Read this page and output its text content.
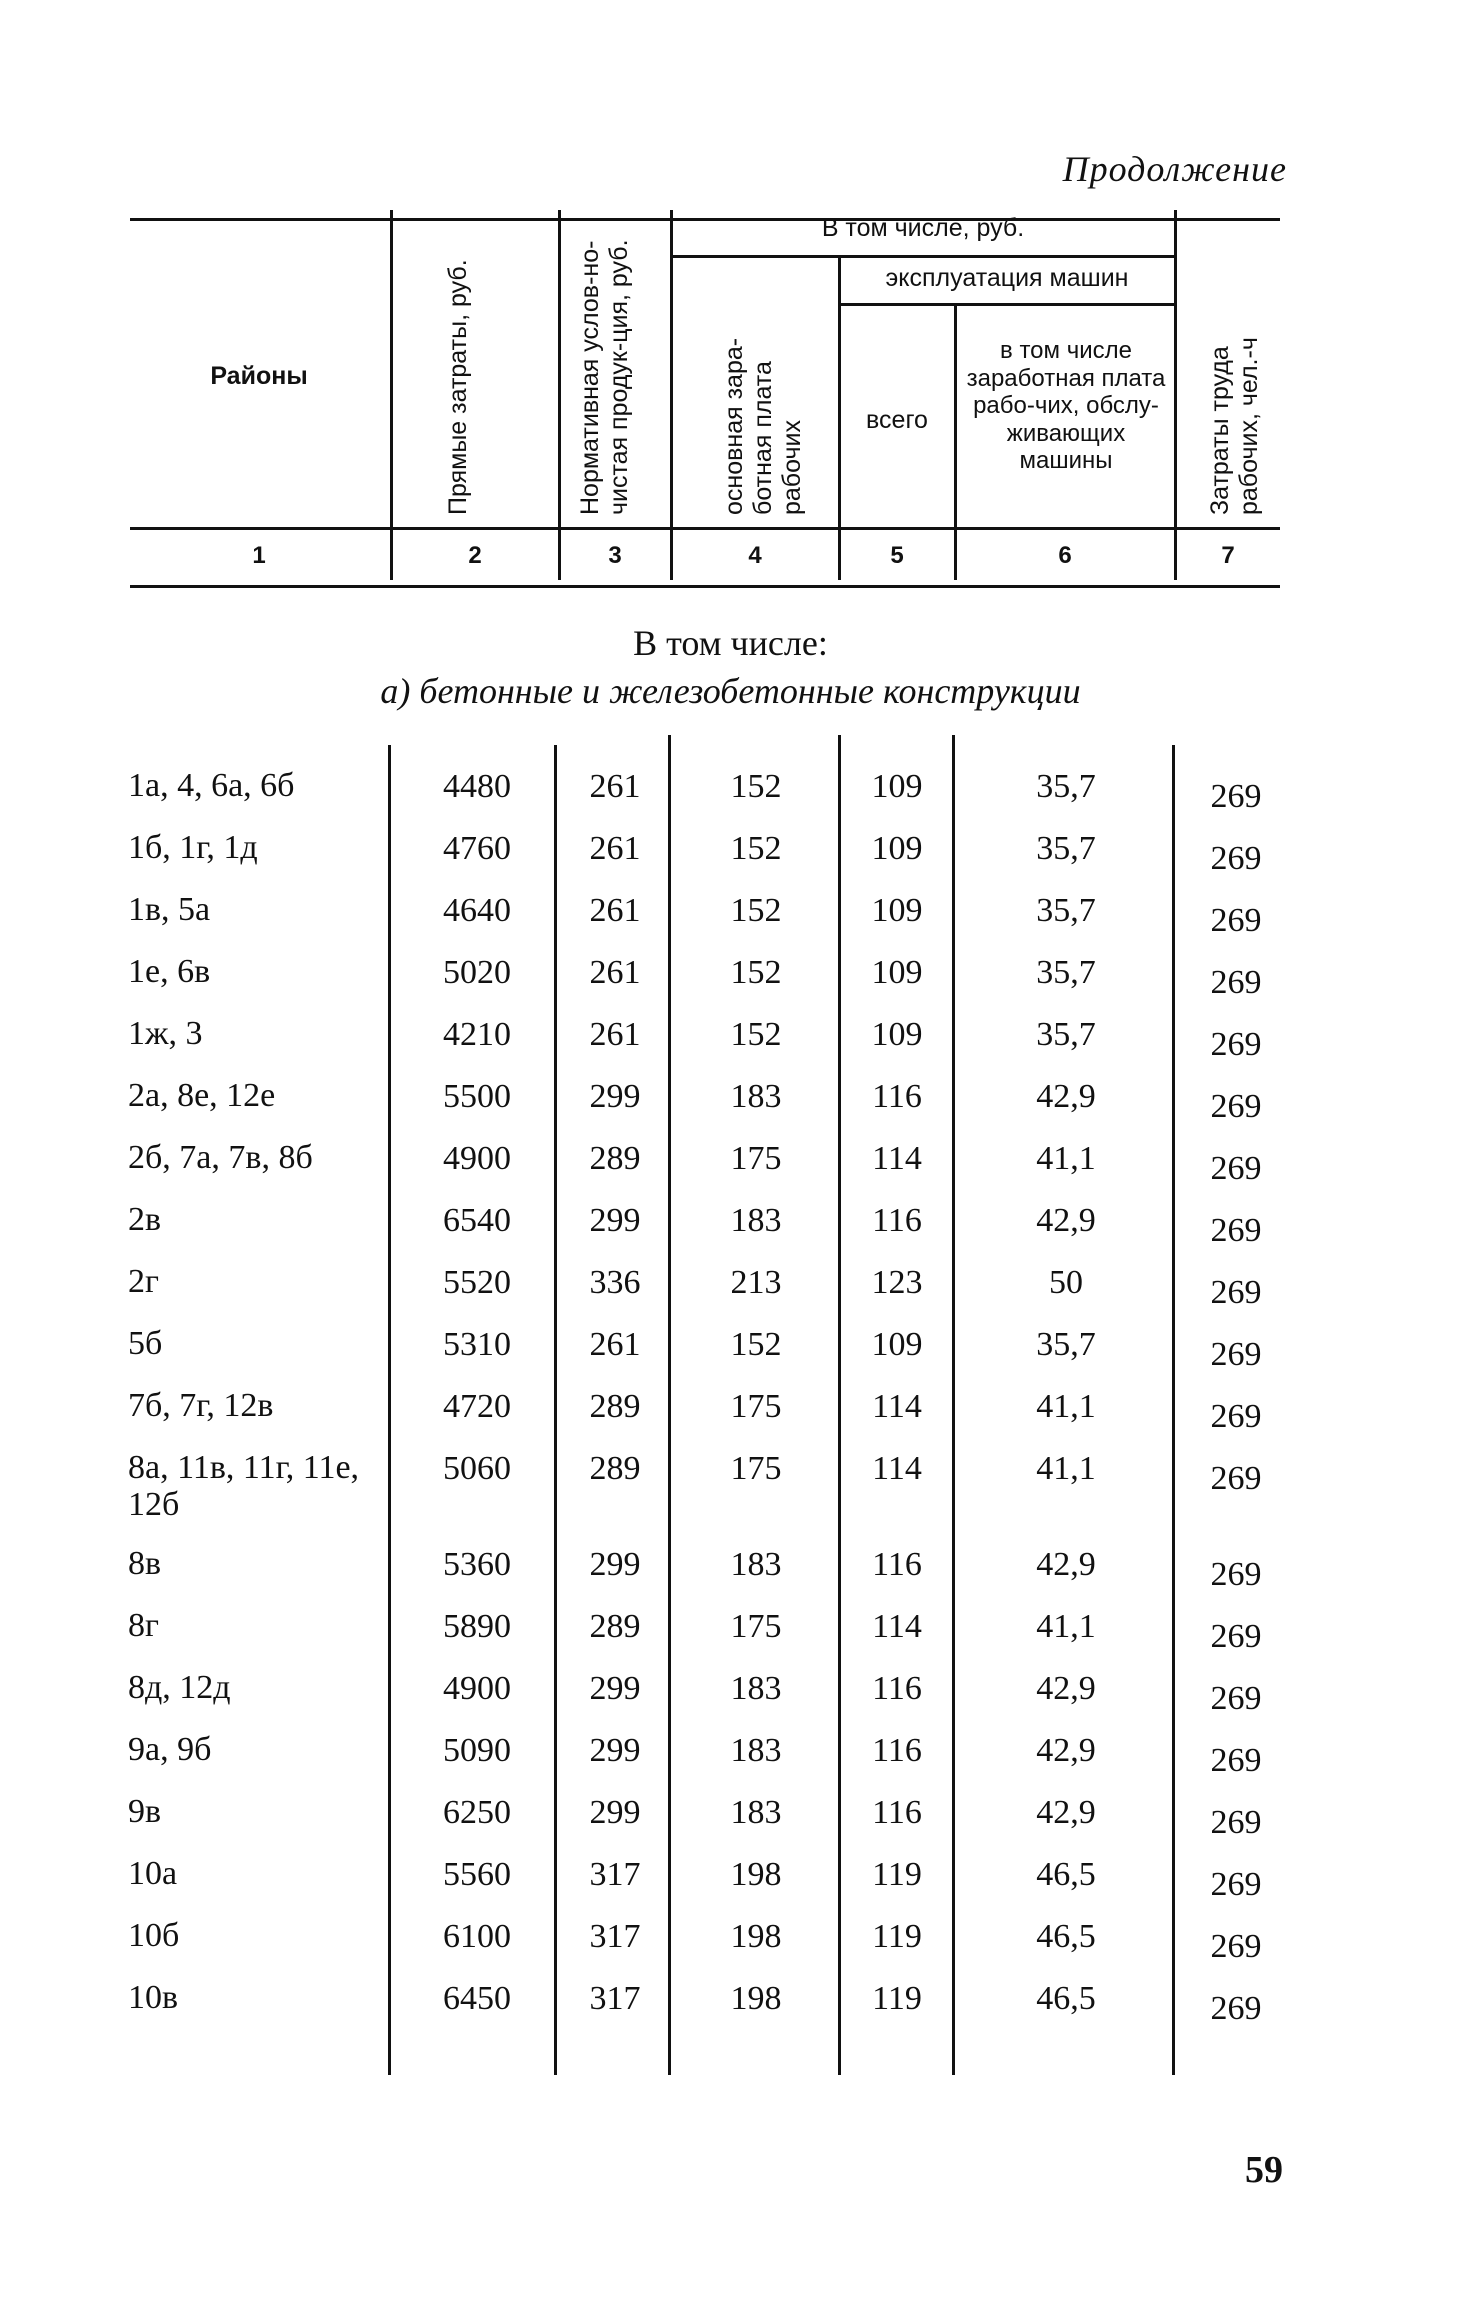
Продолжение
Районы	Прямые затраты, руб.	Нормативная услов-но-чистая продук-ция, руб.
В том числе, руб.
основная зара-ботная плата рабочих
эксплуатация машин
всего
в том числе заработная плата рабо-чих, обслу-живающих машины	Затраты труда рабочих, чел.-ч
1	2	3	4	5	6	7
В том числе:
а) бетонные и железобетонные конструкции
1а, 4, 6а, 6б	4480	261	152	109	35,7	269
1б, 1г, 1д	4760	261	152	109	35,7	269
1в, 5а	4640	261	152	109	35,7	269
1е, 6в	5020	261	152	109	35,7	269
1ж, 3	4210	261	152	109	35,7	269
2а, 8е, 12е	5500	299	183	116	42,9	269
2б, 7а, 7в, 8б	4900	289	175	114	41,1	269
2в	6540	299	183	116	42,9	269
2г	5520	336	213	123	50	269
5б	5310	261	152	109	35,7	269
7б, 7г, 12в	4720	289	175	114	41,1	269
8а, 11в, 11г, 11е, 12б
5060	289	175	114	41,1	269
8в	5360	299	183	116	42,9	269
8г	5890	289	175	114	41,1	269
8д, 12д	4900	299	183	116	42,9	269
9а, 9б	5090	299	183	116	42,9	269
9в	6250	299	183	116	42,9	269
10а	5560	317	198	119	46,5	269
10б	6100	317	198	119	46,5	269
10в	6450	317	198	119	46,5	269
59
